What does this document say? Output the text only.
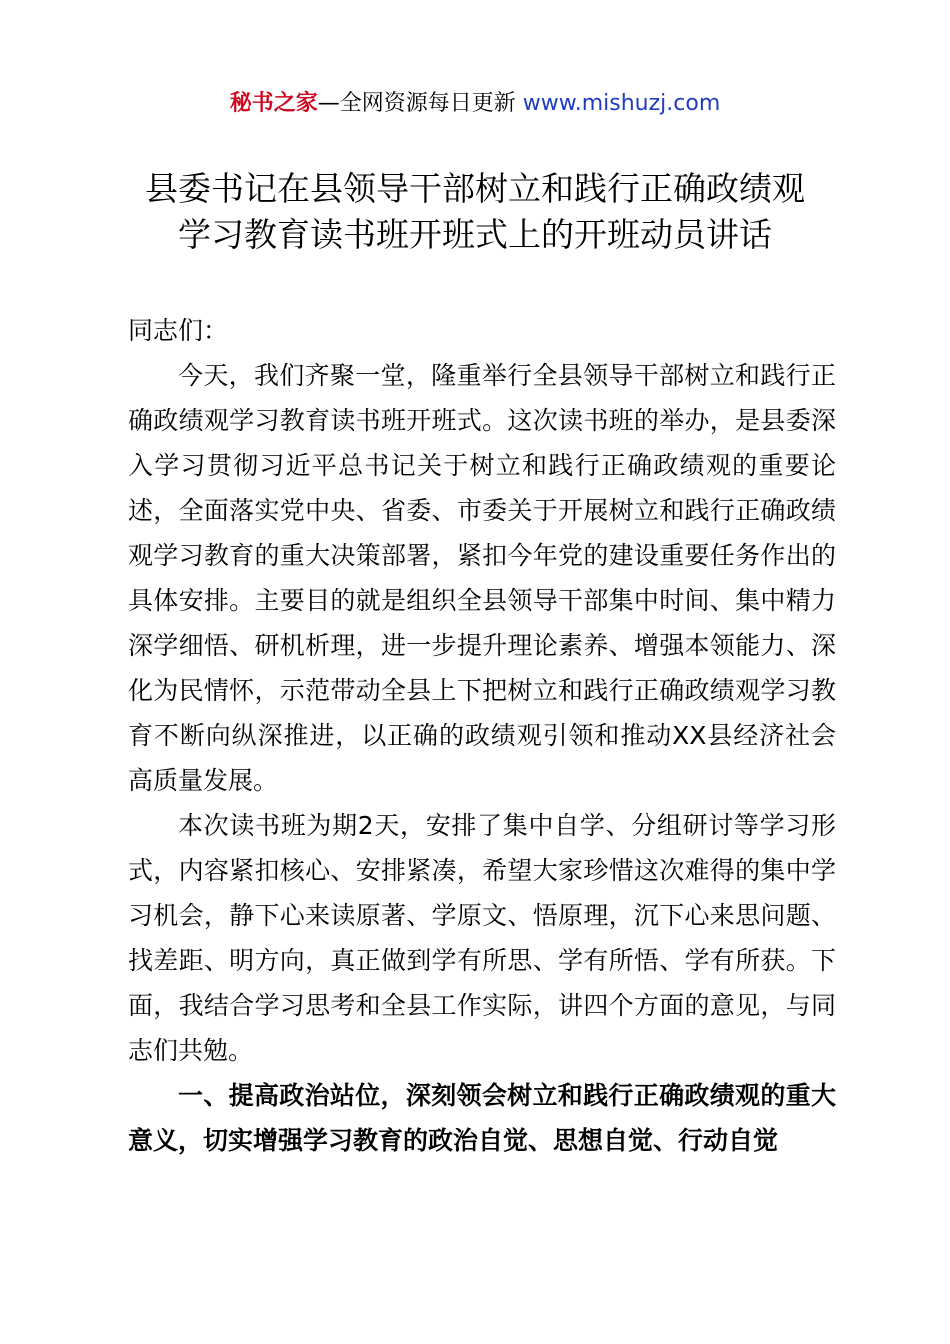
秘书之家—全网资源每日更新 www.mishuzj.com
县委书记在县领导干部树立和践行正确政绩观
学习教育读书班开班式上的开班动员讲话

同志们：

今天，我们齐聚一堂，隆重举行全县领导干部树立和践行正确政绩观学习教育读书班开班式。这次读书班的举办，是县委深入学习贯彻习近平总书记关于树立和践行正确政绩观的重要论述，全面落实党中央、省委、市委关于开展树立和践行正确政绩观学习教育的重大决策部署，紧扣今年党的建设重要任务作出的具体安排。主要目的就是组织全县领导干部集中时间、集中精力深学细悟、研机析理，进一步提升理论素养、增强本领能力、深化为民情怀，示范带动全县上下把树立和践行正确政绩观学习教育不断向纵深推进，以正确的政绩观引领和推动XX县经济社会高质量发展。

本次读书班为期2天，安排了集中自学、分组研讨等学习形式，内容紧扣核心、安排紧凑，希望大家珍惜这次难得的集中学习机会，静下心来读原著、学原文、悟原理，沉下心来思问题、找差距、明方向，真正做到学有所思、学有所悟、学有所获。下面，我结合学习思考和全县工作实际，讲四个方面的意见，与同志们共勉。

一、提高政治站位，深刻领会树立和践行正确政绩观的重大意义，切实增强学习教育的政治自觉、思想自觉、行动自觉
